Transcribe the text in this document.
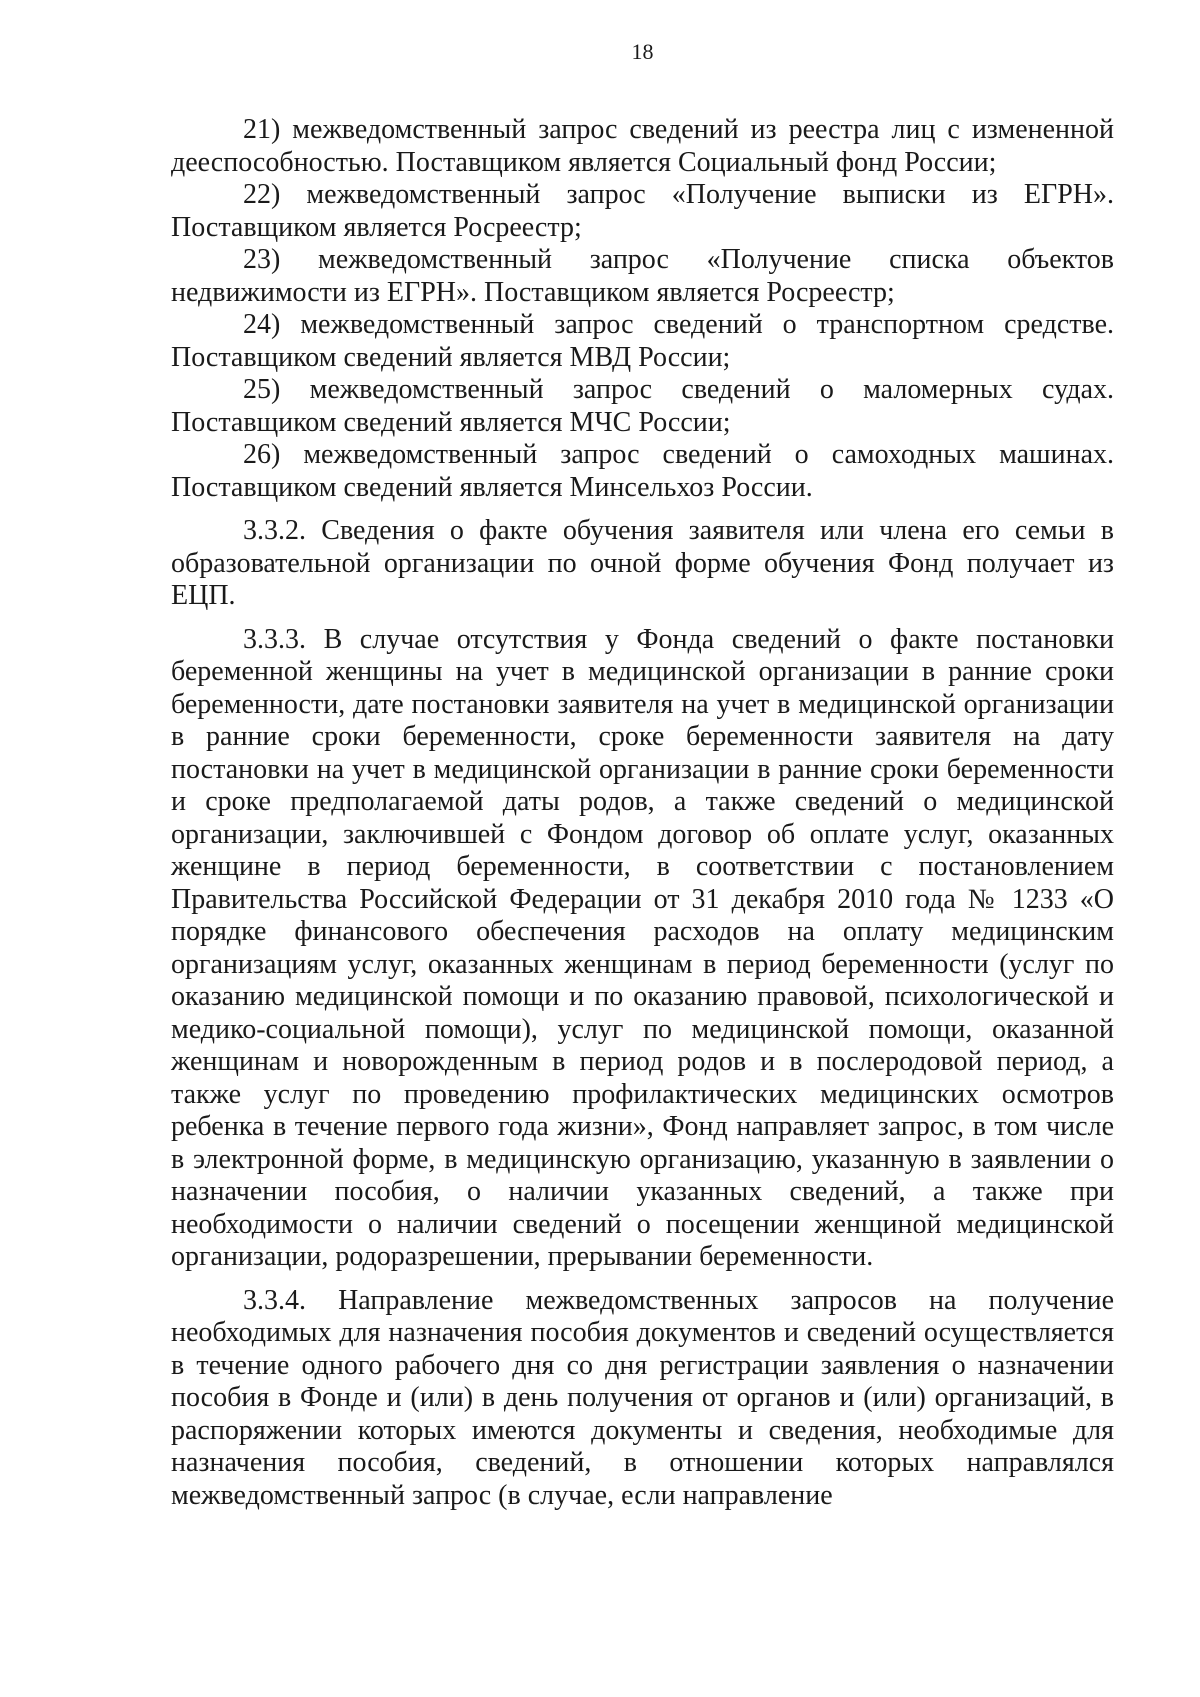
18

21) межведомственный запрос сведений из реестра лиц с измененной дееспособностью. Поставщиком является Социальный фонд России;

22) межведомственный запрос «Получение выписки из ЕГРН». Поставщиком является Росреестр;

23) межведомственный запрос «Получение списка объектов недвижимости из ЕГРН». Поставщиком является Росреестр;

24) межведомственный запрос сведений о транспортном средстве. Поставщиком сведений является МВД России;

25) межведомственный запрос сведений о маломерных судах. Поставщиком сведений является МЧС России;

26) межведомственный запрос сведений о самоходных машинах. Поставщиком сведений является Минсельхоз России.

3.3.2. Сведения о факте обучения заявителя или члена его семьи в образовательной организации по очной форме обучения Фонд получает из ЕЦП.

3.3.3. В случае отсутствия у Фонда сведений о факте постановки беременной женщины на учет в медицинской организации в ранние сроки беременности, дате постановки заявителя на учет в медицинской организации в ранние сроки беременности, сроке беременности заявителя на дату постановки на учет в медицинской организации в ранние сроки беременности и сроке предполагаемой даты родов, а также сведений о медицинской организации, заключившей с Фондом договор об оплате услуг, оказанных женщине в период беременности, в соответствии с постановлением Правительства Российской Федерации от 31 декабря 2010 года № 1233 «О порядке финансового обеспечения расходов на оплату медицинским организациям услуг, оказанных женщинам в период беременности (услуг по оказанию медицинской помощи и по оказанию правовой, психологической и медико-социальной помощи), услуг по медицинской помощи, оказанной женщинам и новорожденным в период родов и в послеродовой период, а также услуг по проведению профилактических медицинских осмотров ребенка в течение первого года жизни», Фонд направляет запрос, в том числе в электронной форме, в медицинскую организацию, указанную в заявлении о назначении пособия, о наличии указанных сведений, а также при необходимости о наличии сведений о посещении женщиной медицинской организации, родоразрешении, прерывании беременности.

3.3.4. Направление межведомственных запросов на получение необходимых для назначения пособия документов и сведений осуществляется в течение одного рабочего дня со дня регистрации заявления о назначении пособия в Фонде и (или) в день получения от органов и (или) организаций, в распоряжении которых имеются документы и сведения, необходимые для назначения пособия, сведений, в отношении которых направлялся межведомственный запрос (в случае, если направление
